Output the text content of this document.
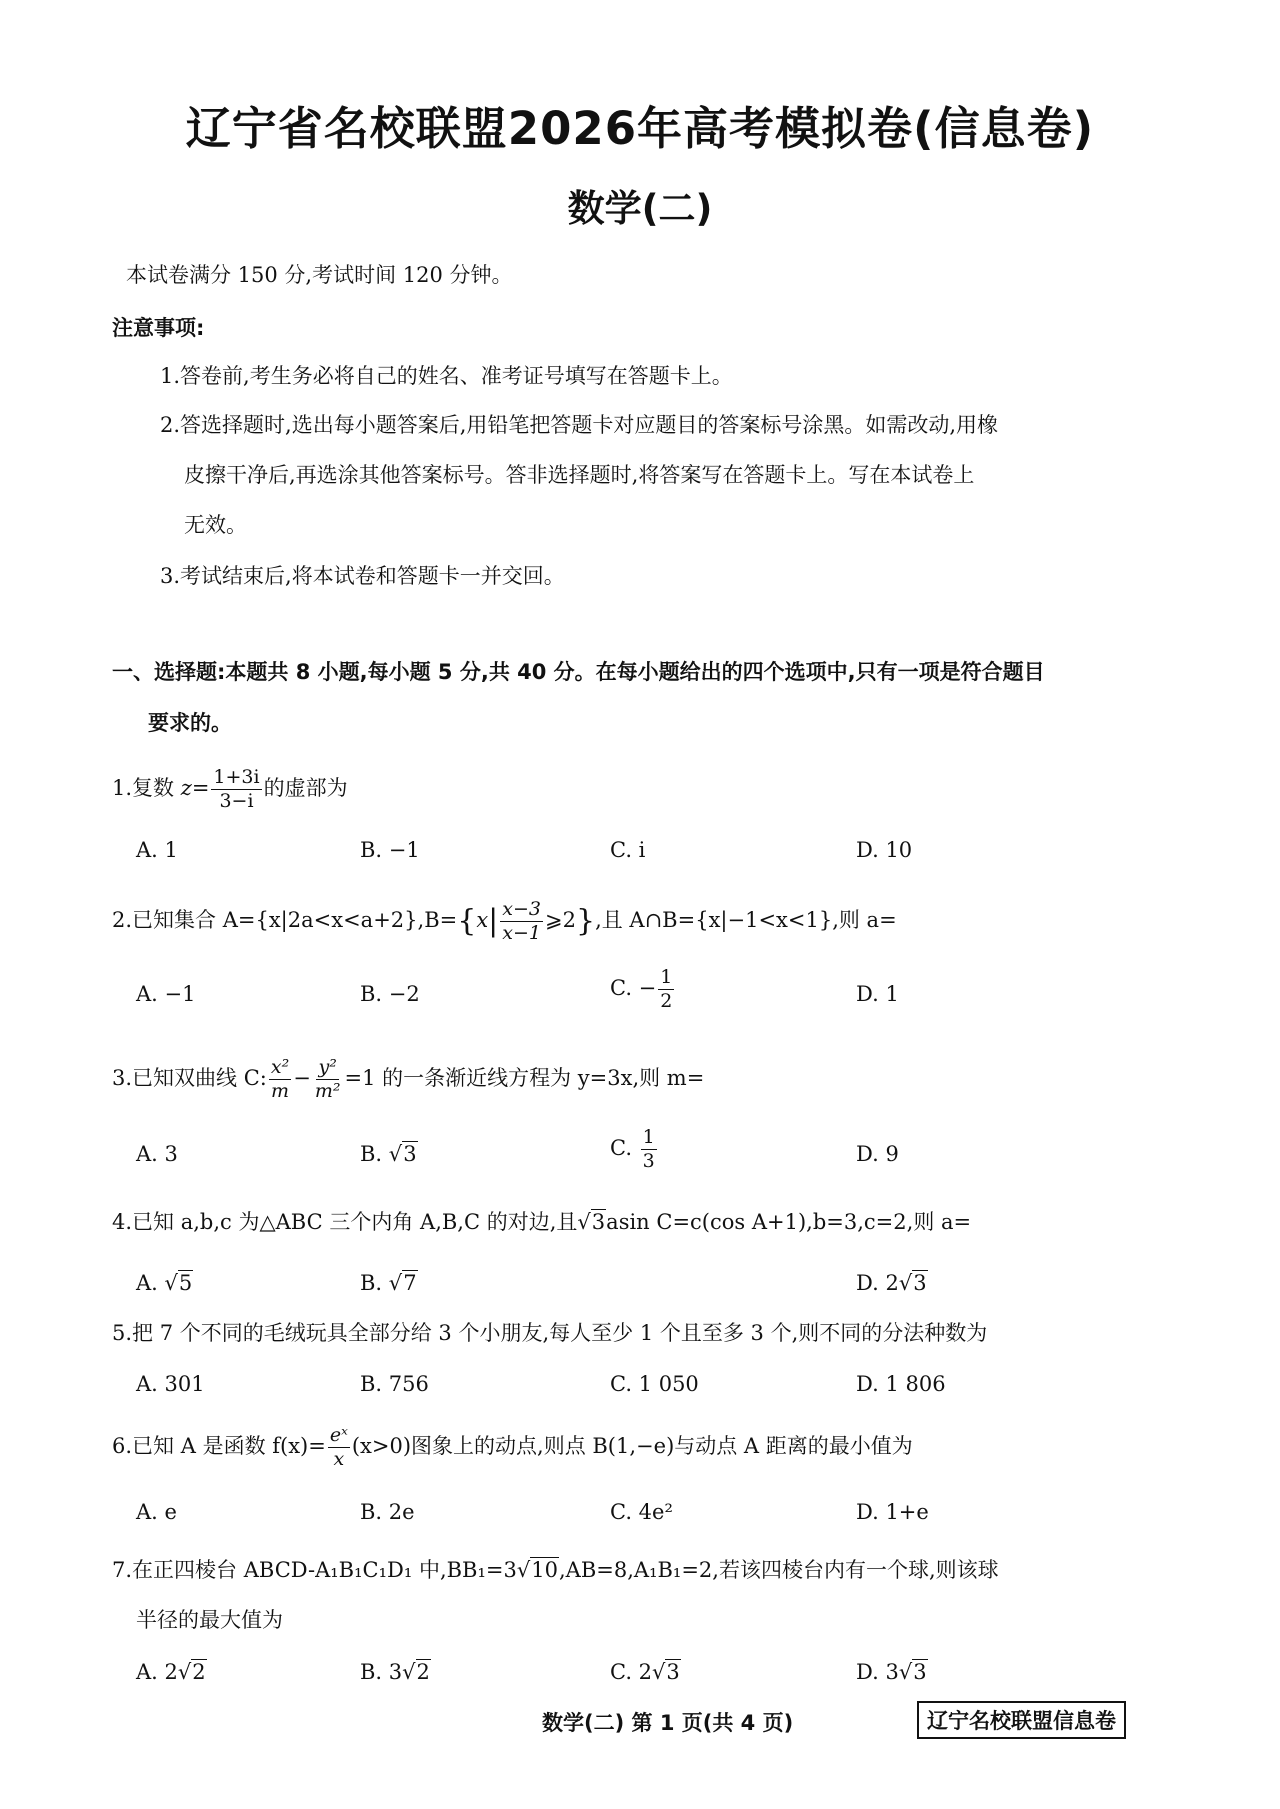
辽宁省名校联盟2026年高考模拟卷(信息卷)
数学(二)
本试卷满分 150 分,考试时间 120 分钟。
注意事项:
1.答卷前,考生务必将自己的姓名、准考证号填写在答题卡上。
2.答选择题时,选出每小题答案后,用铅笔把答题卡对应题目的答案标号涂黑。如需改动,用橡
皮擦干净后,再选涂其他答案标号。答非选择题时,将答案写在答题卡上。写在本试卷上
无效。
3.考试结束后,将本试卷和答题卡一并交回。
一、选择题:本题共 8 小题,每小题 5 分,共 40 分。在每小题给出的四个选项中,只有一项是符合题目
要求的。
1.复数 $z= \frac{1+3i}{3-i}$ 的虚部为
A. 1	B. −1	C. i	D. 10
2.已知集合 $A=\{x|2a<x<a+2\},B=\{x| \frac{x-3}{x-1}$ ⩾2},且 A∩B={x|−1<x<1},则 a=
A. −1	B. −2	C. − $\frac{1}{2}$	D. 1
3.已知双曲线 C: $\frac{\text{x²}}{m} - \frac{\text{y²}}{\text{m²}} =1$ 的一条渐近线方程为 y=3x,则 m=
A. 3	B. √3	C. $\frac{1}{3}$	D. 9
4.已知 a,b,c 为△ABC 三个内角 A,B,C 的对边,且√3asin C=c(cos A+1),b=3,c=2,则 a=
A. √5	B. √7	D. 2√3
5.把 7 个不同的毛绒玩具全部分给 3 个小朋友,每人至少 1 个且至多 3 个,则不同的分法种数为
A. 301	B. 756	C. 1 050	D. 1 806
6.已知 A 是函数 $f(x)= \frac{\text{eˣ}}{x} (x>0)$图象上的动点,则点 B(1,−e)与动点 A 距离的最小值为
A. e	B. 2e	C. 4e²	D. 1+e
7.在正四棱台 ABCD-A₁B₁C₁D₁ 中,BB₁=3√10,AB=8,A₁B₁=2,若该四棱台内有一个球,则该球
半径的最大值为
A. 2√2	B. 3√2	C. 2√3	D. 3√3
数学(二) 第 1 页(共 4 页)	辽宁名校联盟信息卷
